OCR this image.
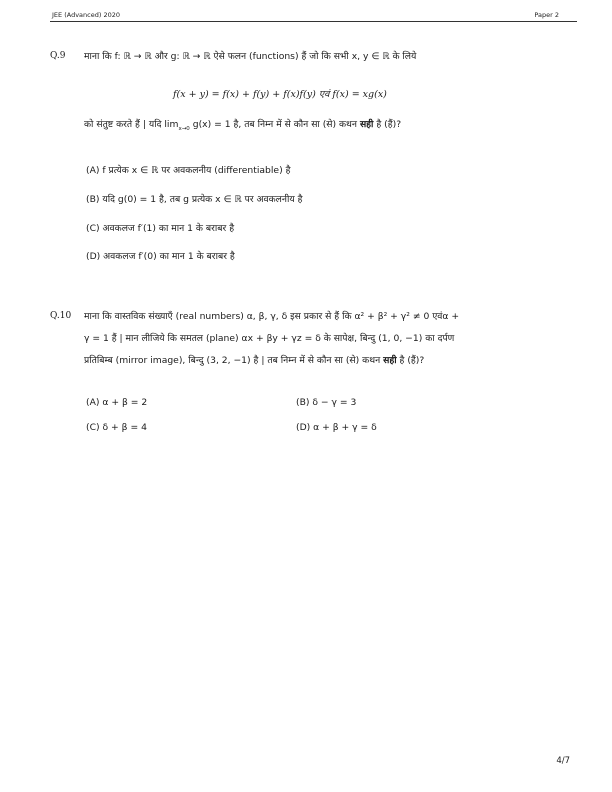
JEE (Advanced) 2020	Paper 2
Q.9 माना कि f: ℝ → ℝ और g: ℝ → ℝ ऐसे फलन (functions) हैं जो कि सभी x, y ∈ ℝ के लिये
f(x + y) = f(x) + f(y) + f(x)f(y) एवं f(x) = xg(x)
को संतुष्ट करते हैं | यदि $\lim_{x\to 0} g(x) = 1$ है, तब निम्न में से कौन सा (से) कथन सही है (हैं)?
(A) f प्रत्येक x ∈ ℝ पर अवकलनीय (differentiable) है
(B) यदि g(0) = 1 है, तब g प्रत्येक x ∈ ℝ पर अवकलनीय है
(C) अवकलज f′(1) का मान 1 के बराबर है
(D) अवकलज f′(0) का मान 1 के बराबर है
Q.10 माना कि वास्तविक संख्याएँ (real numbers) α, β, γ, δ इस प्रकार से हैं कि α² + β² + γ² ≠ 0 एवंα +
γ = 1 हैं | मान लीजिये कि समतल (plane) αx + βy + γz = δ के सापेक्ष, बिन्दु (1, 0, −1) का दर्पण
प्रतिबिम्ब (mirror image), बिन्दु (3, 2, −1) है | तब निम्न में से कौन सा (से) कथन सही है (हैं)?
(A) α + β = 2	(B) δ − γ = 3
(C) δ + β = 4	(D) α + β + γ = δ
4/7
